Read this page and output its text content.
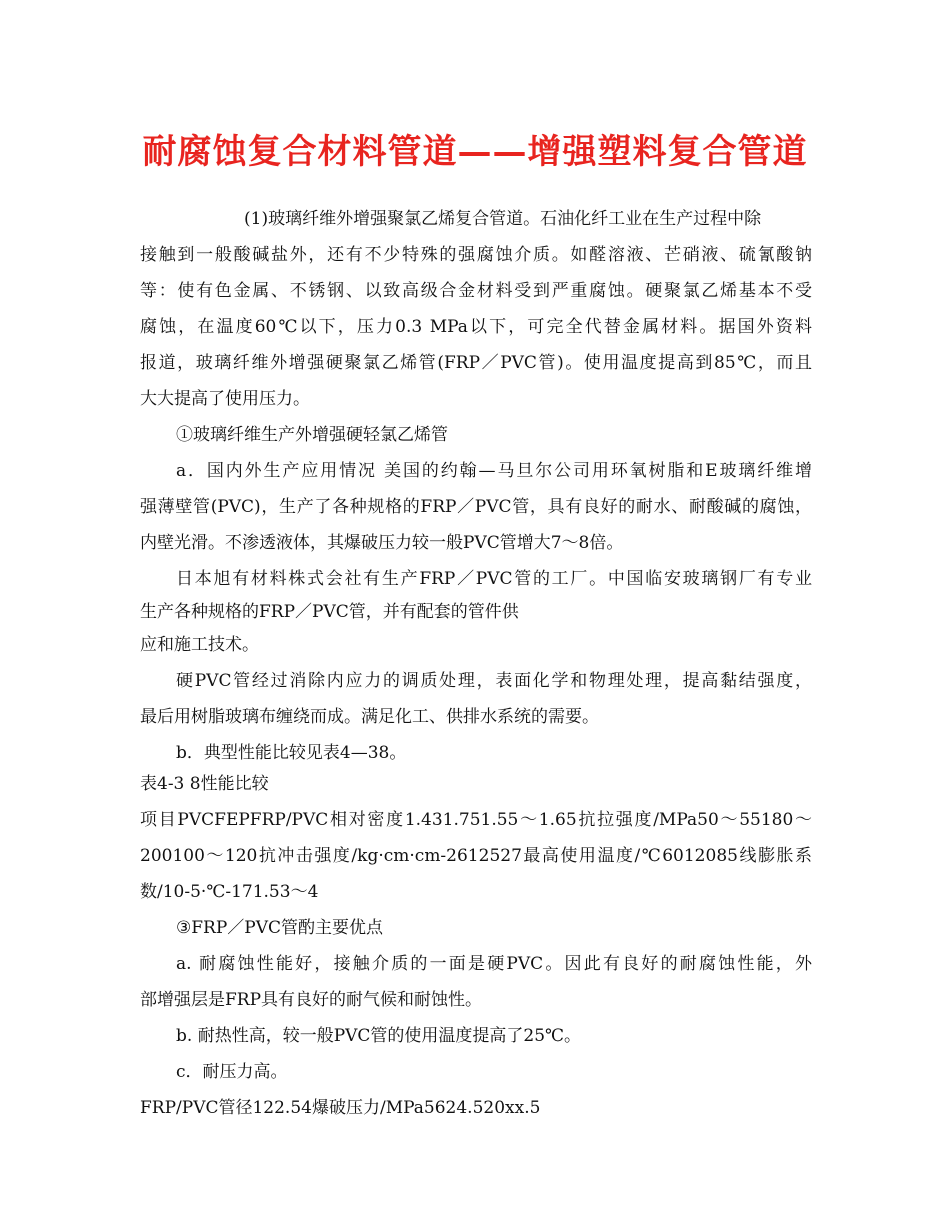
耐腐蚀复合材料管道——增强塑料复合管道
(1)玻璃纤维外增强聚氯乙烯复合管道。石油化纤工业在生产过程中除
接触到一般酸碱盐外，还有不少特殊的强腐蚀介质。如醛溶液、芒硝液、硫氰酸钠
等：使有色金属、不锈钢、以致高级合金材料受到严重腐蚀。硬聚氯乙烯基本不受
腐蚀，在温度60℃以下，压力0.3 MPa以下，可完全代替金属材料。据国外资料
报道，玻璃纤维外增强硬聚氯乙烯管(FRP／PVC管)。使用温度提高到85℃，而且
大大提高了使用压力。
①玻璃纤维生产外增强硬轻氯乙烯管
a．国内外生产应用情况 美国的约翰—马旦尔公司用环氧树脂和E玻璃纤维增
强薄壁管(PVC)，生产了各种规格的FRP／PVC管，具有良好的耐水、耐酸碱的腐蚀，
内壁光滑。不渗透液体，其爆破压力较一般PVC管增大7～8倍。
日本旭有材料株式会社有生产FRP／PVC管的工厂。中国临安玻璃钢厂有专业
生产各种规格的FRP／PVC管，并有配套的管件供
应和施工技术。
硬PVC管经过消除内应力的调质处理，表面化学和物理处理，提高黏结强度，
最后用树脂玻璃布缠绕而成。满足化工、供排水系统的需要。
b．典型性能比较见表4—38。
表4-3 8性能比较
项目PVCFEPFRP/PVC相对密度1.431.751.55～1.65抗拉强度/MPa50～55180～
200100～120抗冲击强度/kg·cm·cm-2612527最高使用温度/℃6012085线膨胀系
数/10-5·℃-171.53～4
③FRP／PVC管酌主要优点
a. 耐腐蚀性能好，接触介质的一面是硬PVC。因此有良好的耐腐蚀性能，外
部增强层是FRP具有良好的耐气候和耐蚀性。
b. 耐热性高，较一般PVC管的使用温度提高了25℃。
c．耐压力高。
FRP/PVC管径122.54爆破压力/MPa5624.520xx.5
